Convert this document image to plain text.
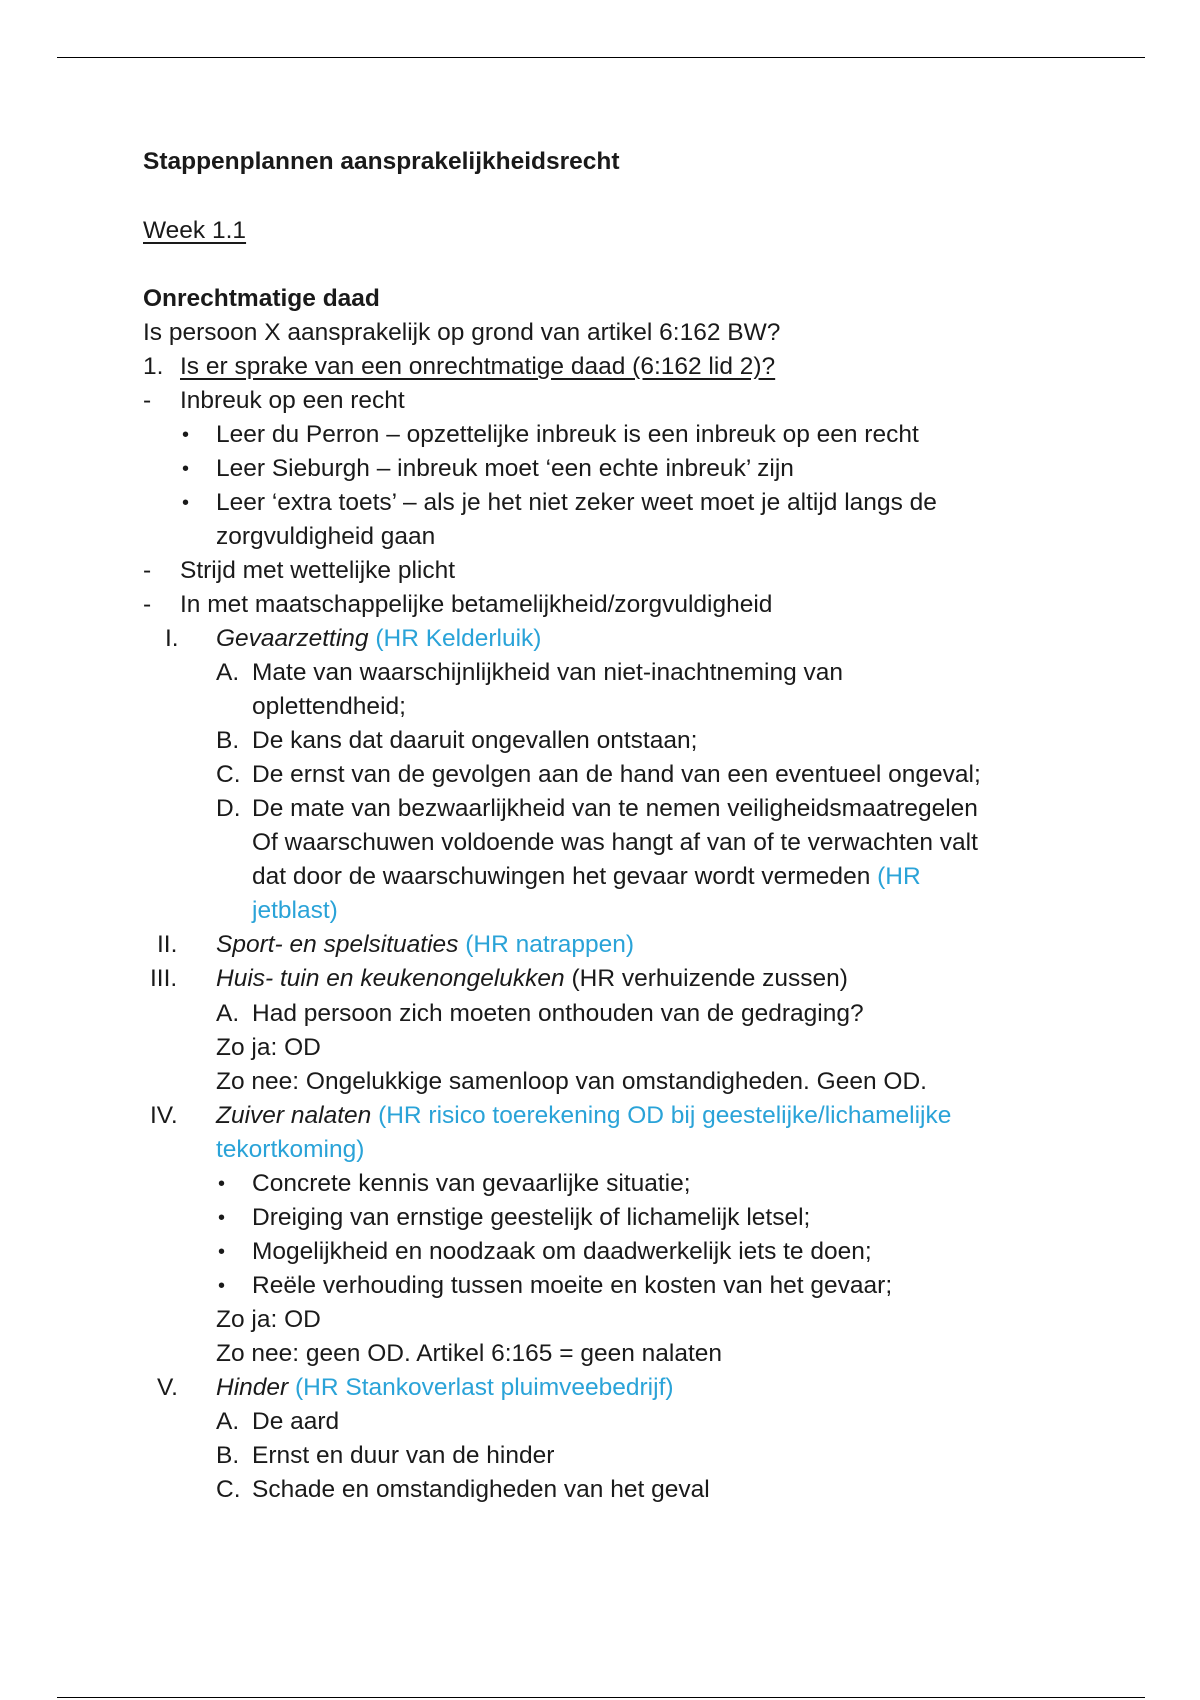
Stappenplannen aansprakelijkheidsrecht
Week 1.1
Onrechtmatige daad
Is persoon X aansprakelijk op grond van artikel 6:162 BW?
1. Is er sprake van een onrechtmatige daad (6:162 lid 2)?
- Inbreuk op een recht
• Leer du Perron – opzettelijke inbreuk is een inbreuk op een recht
• Leer Sieburgh – inbreuk moet ‘een echte inbreuk’ zijn
• Leer ‘extra toets’ – als je het niet zeker weet moet je altijd langs de
zorgvuldigheid gaan
- Strijd met wettelijke plicht
- In met maatschappelijke betamelijkheid/zorgvuldigheid
I. Gevaarzetting (HR Kelderluik)
A. Mate van waarschijnlijkheid van niet-inachtneming van
oplettendheid;
B. De kans dat daaruit ongevallen ontstaan;
C. De ernst van de gevolgen aan de hand van een eventueel ongeval;
D. De mate van bezwaarlijkheid van te nemen veiligheidsmaatregelen
Of waarschuwen voldoende was hangt af van of te verwachten valt
dat door de waarschuwingen het gevaar wordt vermeden (HR
jetblast)
II. Sport- en spelsituaties (HR natrappen)
III. Huis- tuin en keukenongelukken (HR verhuizende zussen)
A. Had persoon zich moeten onthouden van de gedraging?
Zo ja: OD
Zo nee: Ongelukkige samenloop van omstandigheden. Geen OD.
IV. Zuiver nalaten (HR risico toerekening OD bij geestelijke/lichamelijke
tekortkoming)
• Concrete kennis van gevaarlijke situatie;
• Dreiging van ernstige geestelijk of lichamelijk letsel;
• Mogelijkheid en noodzaak om daadwerkelijk iets te doen;
• Reële verhouding tussen moeite en kosten van het gevaar;
Zo ja: OD
Zo nee: geen OD. Artikel 6:165 = geen nalaten
V. Hinder (HR Stankoverlast pluimveebedrijf)
A. De aard
B. Ernst en duur van de hinder
C. Schade en omstandigheden van het geval
